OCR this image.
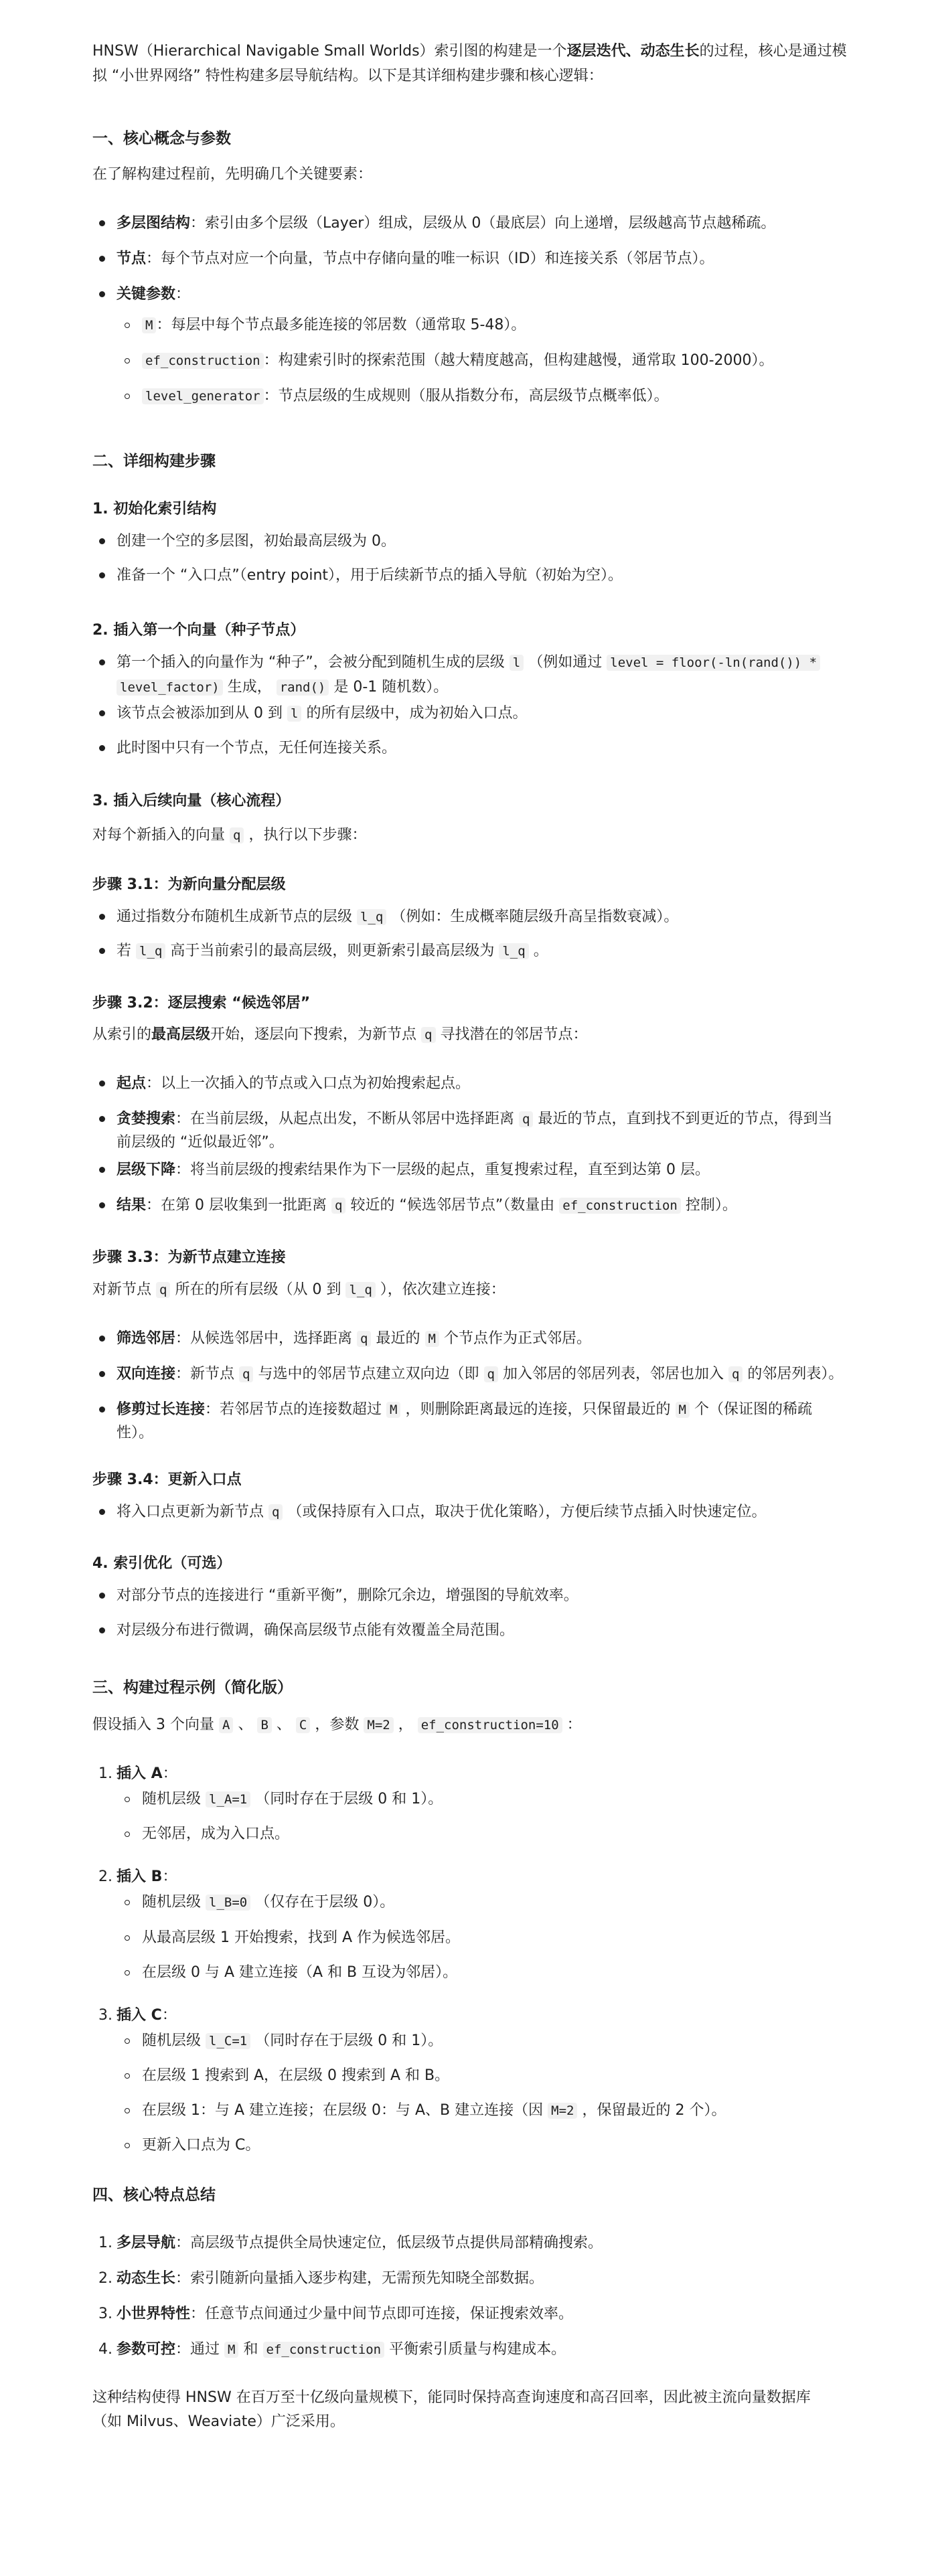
HNSW（Hierarchical Navigable Small Worlds）索引图的构建是一个逐层迭代、动态生长的过程，核心是通过模
拟 “小世界网络” 特性构建多层导航结构。以下是其详细构建步骤和核心逻辑：
一、核心概念与参数
在了解构建过程前，先明确几个关键要素：
多层图结构：索引由多个层级（Layer）组成，层级从 0（最底层）向上递增，层级越高节点越稀疏。
节点：每个节点对应一个向量，节点中存储向量的唯一标识（ID）和连接关系（邻居节点）。
关键参数：
M ：每层中每个节点最多能连接的邻居数（通常取 5-48）。
ef_construction ：构建索引时的探索范围（越大精度越高，但构建越慢，通常取 100-2000）。
level_generator ：节点层级的生成规则（服从指数分布，高层级节点概率低）。
二、详细构建步骤
1. 初始化索引结构
创建一个空的多层图，初始最高层级为 0。
准备一个 “入口点”（entry point），用于后续新节点的插入导航（初始为空）。
2. 插入第一个向量（种子节点）
第一个插入的向量作为 “种子”，会被分配到随机生成的层级 l （例如通过 level = floor(-ln(rand()) *
level_factor) 生成， rand() 是 0-1 随机数）。
该节点会被添加到从 0 到 l 的所有层级中，成为初始入口点。
此时图中只有一个节点，无任何连接关系。
3. 插入后续向量（核心流程）
对每个新插入的向量 q ，执行以下步骤：
步骤 3.1：为新向量分配层级
通过指数分布随机生成新节点的层级 l_q （例如：生成概率随层级升高呈指数衰减）。
若 l_q 高于当前索引的最高层级，则更新索引最高层级为 l_q 。
步骤 3.2：逐层搜索 “候选邻居”
从索引的最高层级开始，逐层向下搜索，为新节点 q 寻找潜在的邻居节点：
起点：以上一次插入的节点或入口点为初始搜索起点。
贪婪搜索：在当前层级，从起点出发，不断从邻居中选择距离 q 最近的节点，直到找不到更近的节点，得到当
前层级的 “近似最近邻”。
层级下降：将当前层级的搜索结果作为下一层级的起点，重复搜索过程，直至到达第 0 层。
结果：在第 0 层收集到一批距离 q 较近的 “候选邻居节点”（数量由 ef_construction 控制）。
步骤 3.3：为新节点建立连接
对新节点 q 所在的所有层级（从 0 到 l_q ），依次建立连接：
筛选邻居：从候选邻居中，选择距离 q 最近的 M 个节点作为正式邻居。
双向连接：新节点 q 与选中的邻居节点建立双向边（即 q 加入邻居的邻居列表，邻居也加入 q 的邻居列表）。
修剪过长连接：若邻居节点的连接数超过 M ，则删除距离最远的连接，只保留最近的 M 个（保证图的稀疏
性）。
步骤 3.4：更新入口点
将入口点更新为新节点 q （或保持原有入口点，取决于优化策略），方便后续节点插入时快速定位。
4. 索引优化（可选）
对部分节点的连接进行 “重新平衡”，删除冗余边，增强图的导航效率。
对层级分布进行微调，确保高层级节点能有效覆盖全局范围。
三、构建过程示例（简化版）
假设插入 3 个向量 A 、 B 、 C ，参数 M=2 ， ef_construction=10 ：
1. 插入 A：
随机层级 l_A=1 （同时存在于层级 0 和 1）。
无邻居，成为入口点。
2. 插入 B：
随机层级 l_B=0 （仅存在于层级 0）。
从最高层级 1 开始搜索，找到 A 作为候选邻居。
在层级 0 与 A 建立连接（A 和 B 互设为邻居）。
3. 插入 C：
随机层级 l_C=1 （同时存在于层级 0 和 1）。
在层级 1 搜索到 A，在层级 0 搜索到 A 和 B。
在层级 1：与 A 建立连接；在层级 0：与 A、B 建立连接（因 M=2 ，保留最近的 2 个）。
更新入口点为 C。
四、核心特点总结
1. 多层导航：高层级节点提供全局快速定位，低层级节点提供局部精确搜索。
2. 动态生长：索引随新向量插入逐步构建，无需预先知晓全部数据。
3. 小世界特性：任意节点间通过少量中间节点即可连接，保证搜索效率。
4. 参数可控：通过 M 和 ef_construction 平衡索引质量与构建成本。
这种结构使得 HNSW 在百万至十亿级向量规模下，能同时保持高查询速度和高召回率，因此被主流向量数据库
（如 Milvus、Weaviate）广泛采用。
